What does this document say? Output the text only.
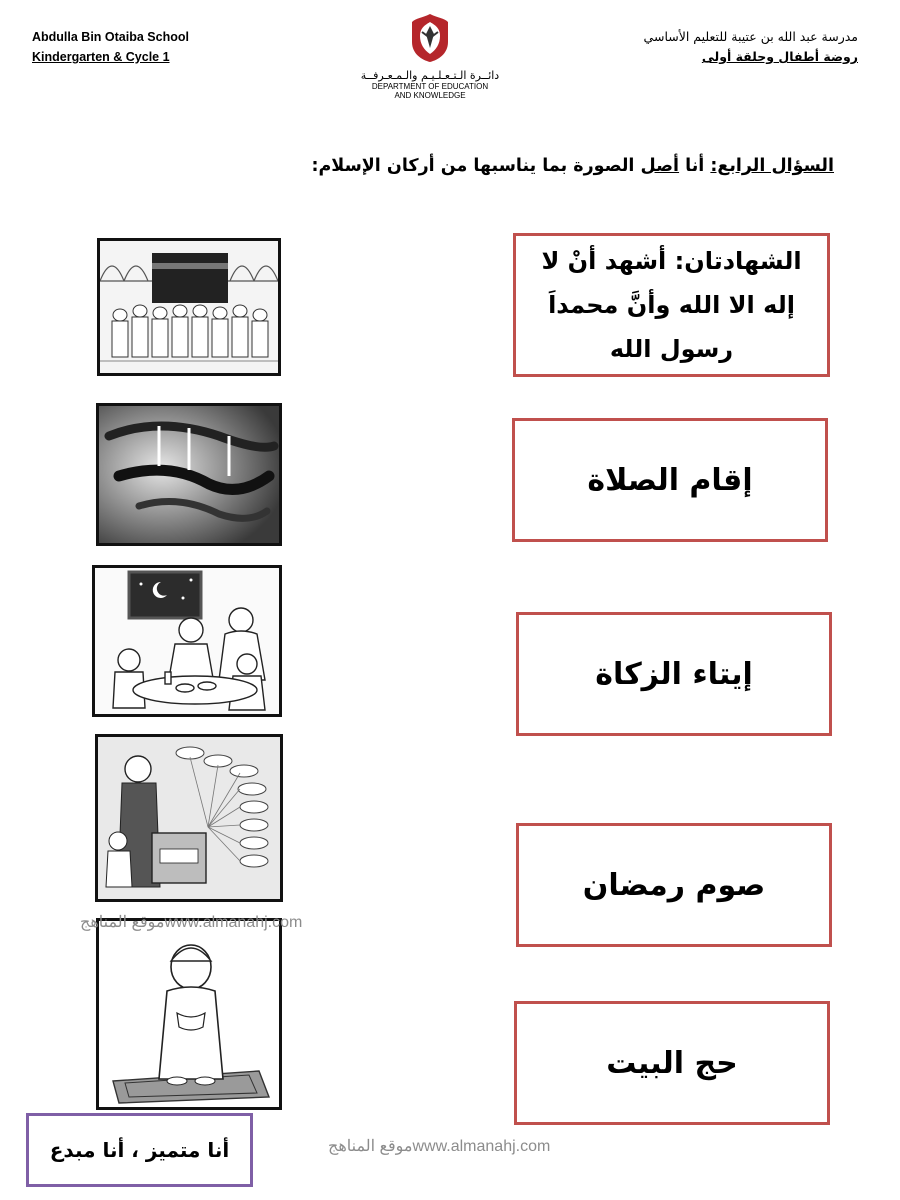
Abdulla Bin Otaiba School
Kindergarten & Cycle 1
دائــرة الـتـعـلـيـم والـمـعـرفــة
DEPARTMENT OF EDUCATION
AND KNOWLEDGE
مدرسة عبد الله بن عتيبة للتعليم الأساسي
روضة أطفال وحلقة أولى
السؤال الرابع: أنا أصل الصورة بما يناسبها من أركان الإسلام:
الشهادتان: أشهد أنْ لا إله الا الله وأنَّ محمداَ رسول الله
إقام الصلاة
إيتاء الزكاة
صوم رمضان
حج البيت
موقع المناهجwww.almanahj.com
موقع المناهجwww.almanahj.com
أنا متميز ، أنا مبدع
